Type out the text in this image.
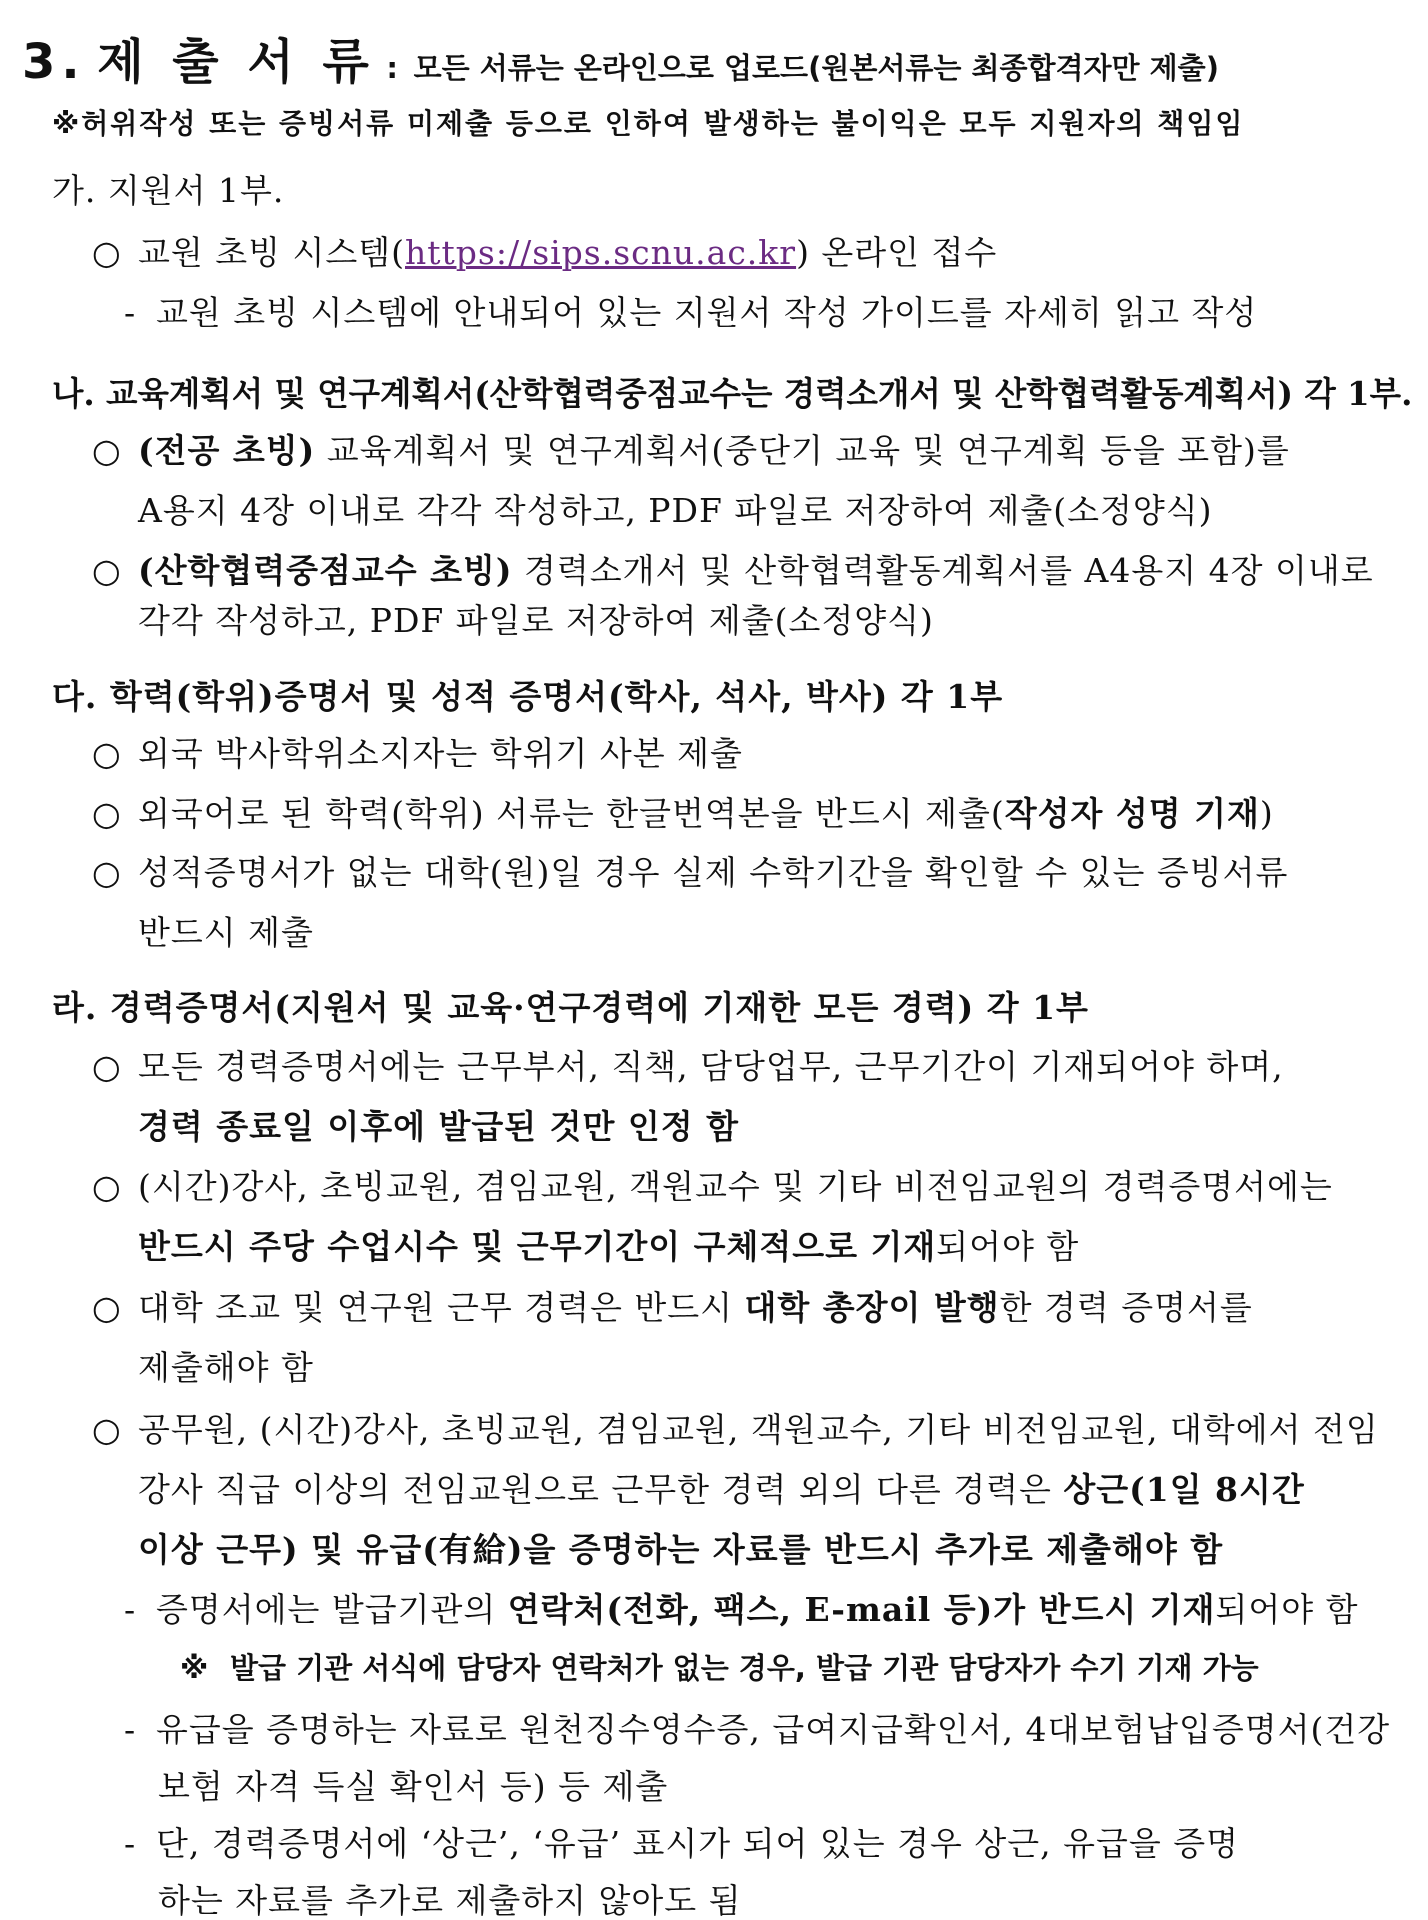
3. 제 출 서 류 : 모든 서류는 온라인으로 업로드(원본서류는 최종합격자만 제출)
※허위작성 또는 증빙서류 미제출 등으로 인하여 발생하는 불이익은 모두 지원자의 책임임
가. 지원서 1부.
○ 교원 초빙 시스템(https://sips.scnu.ac.kr) 온라인 접수
- 교원 초빙 시스템에 안내되어 있는 지원서 작성 가이드를 자세히 읽고 작성
나. 교육계획서 및 연구계획서(산학협력중점교수는 경력소개서 및 산학협력활동계획서) 각 1부.
○ (전공 초빙) 교육계획서 및 연구계획서(중단기 교육 및 연구계획 등을 포함)를
A용지 4장 이내로 각각 작성하고, PDF 파일로 저장하여 제출(소정양식)
○ (산학협력중점교수 초빙) 경력소개서 및 산학협력활동계획서를 A4용지 4장 이내로
각각 작성하고, PDF 파일로 저장하여 제출(소정양식)
다. 학력(학위)증명서 및 성적 증명서(학사, 석사, 박사) 각 1부
○ 외국 박사학위소지자는 학위기 사본 제출
○ 외국어로 된 학력(학위) 서류는 한글번역본을 반드시 제출(작성자 성명 기재)
○ 성적증명서가 없는 대학(원)일 경우 실제 수학기간을 확인할 수 있는 증빙서류
반드시 제출
라. 경력증명서(지원서 및 교육·연구경력에 기재한 모든 경력) 각 1부
○ 모든 경력증명서에는 근무부서, 직책, 담당업무, 근무기간이 기재되어야 하며,
경력 종료일 이후에 발급된 것만 인정 함
○ (시간)강사, 초빙교원, 겸임교원, 객원교수 및 기타 비전임교원의 경력증명서에는
반드시 주당 수업시수 및 근무기간이 구체적으로 기재되어야 함
○ 대학 조교 및 연구원 근무 경력은 반드시 대학 총장이 발행한 경력 증명서를
제출해야 함
○ 공무원, (시간)강사, 초빙교원, 겸임교원, 객원교수, 기타 비전임교원, 대학에서 전임
강사 직급 이상의 전임교원으로 근무한 경력 외의 다른 경력은 상근(1일 8시간
이상 근무) 및 유급(有給)을 증명하는 자료를 반드시 추가로 제출해야 함
- 증명서에는 발급기관의 연락처(전화, 팩스, E-mail 등)가 반드시 기재되어야 함
※ 발급 기관 서식에 담당자 연락처가 없는 경우, 발급 기관 담당자가 수기 기재 가능
- 유급을 증명하는 자료로 원천징수영수증, 급여지급확인서, 4대보험납입증명서(건강
보험 자격 득실 확인서 등) 등 제출
- 단, 경력증명서에 ‘상근’, ‘유급’ 표시가 되어 있는 경우 상근, 유급을 증명
하는 자료를 추가로 제출하지 않아도 됨
